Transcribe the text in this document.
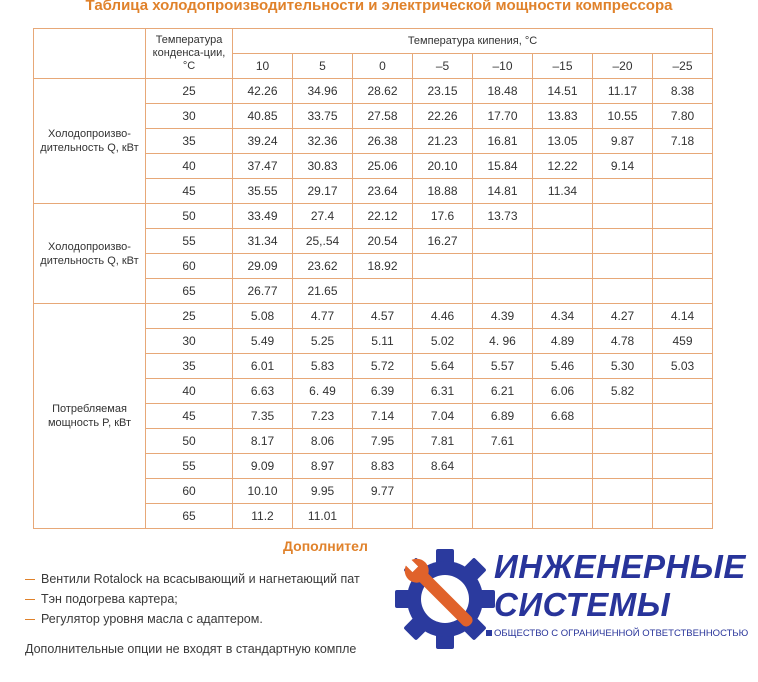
Таблица холодопроизводительности и электрической мощности компрессора
	Температура конденса-ции, °C	Температура кипения, °C							
		10	5	0	–5	–10	–15	–20	–25
Холодопроизво-дительность Q, кВт	25	42.26	34.96	28.62	23.15	18.48	14.51	11.17	8.38
	30	40.85	33.75	27.58	22.26	17.70	13.83	10.55	7.80
	35	39.24	32.36	26.38	21.23	16.81	13.05	9.87	7.18
	40	37.47	30.83	25.06	20.10	15.84	12.22	9.14	
	45	35.55	29.17	23.64	18.88	14.81	11.34		
Холодопроизво-дительность Q, кВт	50	33.49	27.4	22.12	17.6	13.73			
	55	31.34	25,.54	20.54	16.27				
	60	29.09	23.62	18.92					
	65	26.77	21.65						
Потребляемая мощность P, кВт	25	5.08	4.77	4.57	4.46	4.39	4.34	4.27	4.14
	30	5.49	5.25	5.11	5.02	4. 96	4.89	4.78	459
	35	6.01	5.83	5.72	5.64	5.57	5.46	5.30	5.03
	40	6.63	6. 49	6.39	6.31	6.21	6.06	5.82	
	45	7.35	7.23	7.14	7.04	6.89	6.68		
	50	8.17	8.06	7.95	7.81	7.61			
	55	9.09	8.97	8.83	8.64				
	60	10.10	9.95	9.77					
	65	11.2	11.01						
Дополнител
Вентили Rotalock на всасывающий и нагнетающий пат
Тэн подогрева картера;
Регулятор уровня масла с адаптером.
Дополнительные опции не входят в стандартную компле
ИНЖЕНЕРНЫЕ
СИСТЕМЫ
ОБЩЕСТВО С ОГРАНИЧЕННОЙ ОТВЕТСТВЕННОСТЬЮ
